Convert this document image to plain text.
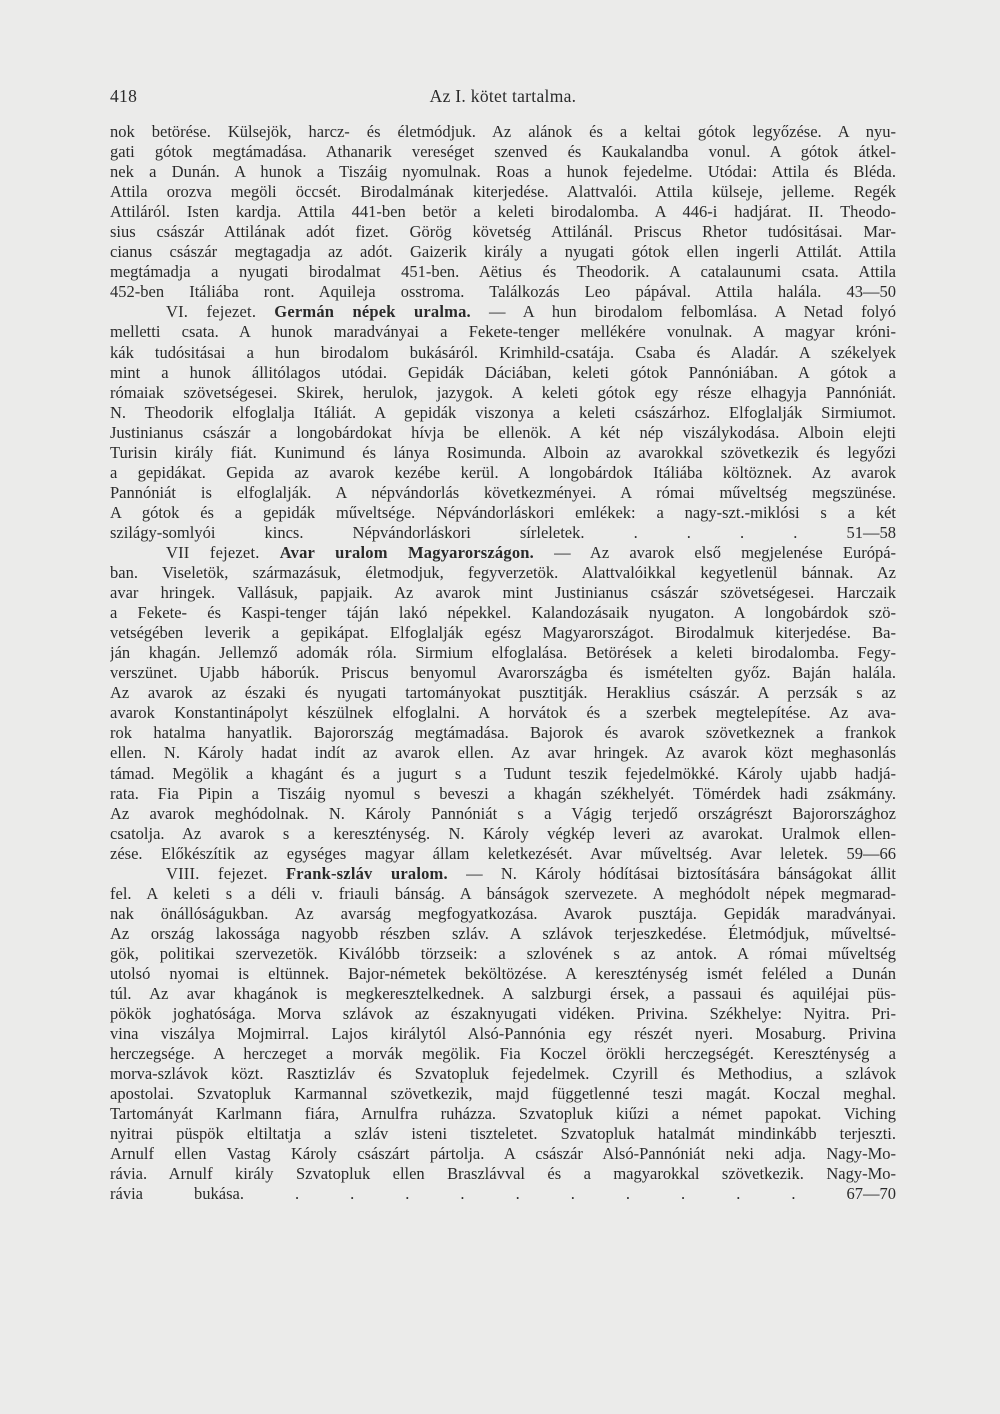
418	Az I. kötet tartalma.
nok betörése. Külsejök, harcz- és életmódjuk. Az alánok és a keltai gótok legyőzése. A nyu-
gati gótok megtámadása. Athanarik vereséget szenved és Kaukalandba vonul. A gótok átkel-
nek a Dunán. A hunok a Tiszáig nyomulnak. Roas a hunok fejedelme. Utódai: Attila és Bléda.
Attila orozva megöli öccsét. Birodalmának kiterjedése. Alattvalói. Attila külseje, jelleme. Regék
Attiláról. Isten kardja. Attila 441-ben betör a keleti birodalomba. A 446-i hadjárat. II. Theodo-
sius császár Attilának adót fizet. Görög követség Attilánál. Priscus Rhetor tudósitásai. Mar-
cianus császár megtagadja az adót. Gaizerik király a nyugati gótok ellen ingerli Attilát. Attila
megtámadja a nyugati birodalmat 451-ben. Aëtius és Theodorik. A catalaunumi csata. Attila
452-ben Itáliába ront. Aquileja osstroma. Találkozás Leo pápával. Attila halála. 43—50
VI. fejezet. Germán népek uralma. — A hun birodalom felbomlása. A Netad folyó
melletti csata. A hunok maradványai a Fekete-tenger mellékére vonulnak. A magyar króni-
kák tudósitásai a hun birodalom bukásáról. Krimhild-csatája. Csaba és Aladár. A székelyek
mint a hunok állitólagos utódai. Gepidák Dáciában, keleti gótok Pannóniában. A gótok a
rómaiak szövetségesei. Skirek, herulok, jazygok. A keleti gótok egy része elhagyja Pannóniát.
N. Theodorik elfoglalja Itáliát. A gepidák viszonya a keleti császárhoz. Elfoglalják Sirmiumot.
Justinianus császár a longobárdokat hívja be ellenök. A két nép viszálykodása. Alboin elejti
Turisin király fiát. Kunimund és lánya Rosimunda. Alboin az avarokkal szövetkezik és legyőzi
a gepidákat. Gepida az avarok kezébe kerül. A longobárdok Itáliába költöznek. Az avarok
Pannóniát is elfoglalják. A népvándorlás következményei. A római műveltség megszünése.
A gótok és a gepidák műveltsége. Népvándorláskori emlékek: a nagy-szt.-miklósi s a két
szilágy-somlyói kincs. Népvándorláskori sírleletek. . . . . 51—58
VII fejezet. Avar uralom Magyarországon. — Az avarok első megjelenése Európá-
ban. Viseletök, származásuk, életmodjuk, fegyverzetök. Alattvalóikkal kegyetlenül bánnak. Az
avar hringek. Vallásuk, papjaik. Az avarok mint Justinianus császár szövetségesei. Harczaik
a Fekete- és Kaspi-tenger táján lakó népekkel. Kalandozásaik nyugaton. A longobárdok szö-
vetségében leverik a gepikápat. Elfoglalják egész Magyarországot. Birodalmuk kiterjedése. Ba-
ján khagán. Jellemző adomák róla. Sirmium elfoglalása. Betörések a keleti birodalomba. Fegy-
verszünet. Ujabb háborúk. Priscus benyomul Avarországba és ismételten győz. Baján halála.
Az avarok az északi és nyugati tartományokat pusztitják. Heraklius császár. A perzsák s az
avarok Konstantinápolyt készülnek elfoglalni. A horvátok és a szerbek megtelepítése. Az ava-
rok hatalma hanyatlik. Bajorország megtámadása. Bajorok és avarok szövetkeznek a frankok
ellen. N. Károly hadat indít az avarok ellen. Az avar hringek. Az avarok közt meghasonlás
támad. Megölik a khagánt és a jugurt s a Tudunt teszik fejedelmökké. Károly ujabb hadjá-
rata. Fia Pipin a Tiszáig nyomul s beveszi a khagán székhelyét. Tömérdek hadi zsákmány.
Az avarok meghódolnak. N. Károly Pannóniát s a Vágig terjedő országrészt Bajorországhoz
csatolja. Az avarok s a kereszténység. N. Károly végkép leveri az avarokat. Uralmok ellen-
zése. Előkészítik az egységes magyar állam keletkezését. Avar műveltség. Avar leletek. 59—66
VIII. fejezet. Frank-szláv uralom. — N. Károly hódításai biztosítására bánságokat állit
fel. A keleti s a déli v. friauli bánság. A bánságok szervezete. A meghódolt népek megmarad-
nak önállóságukban. Az avarság megfogyatkozása. Avarok pusztája. Gepidák maradványai.
Az ország lakossága nagyobb részben szláv. A szlávok terjeszkedése. Életmódjuk, műveltsé-
gök, politikai szervezetök. Kiválóbb törzseik: a szlovének s az antok. A római műveltség
utolsó nyomai is eltünnek. Bajor-németek beköltözése. A kereszténység ismét feléled a Dunán
túl. Az avar khagánok is megkeresztelkednek. A salzburgi érsek, a passaui és aquiléjai püs-
pökök joghatósága. Morva szlávok az északnyugati vidéken. Privina. Székhelye: Nyitra. Pri-
vina viszálya Mojmirral. Lajos királytól Alsó-Pannónia egy részét nyeri. Mosaburg. Privina
herczegsége. A herczeget a morvák megölik. Fia Koczel örökli herczegségét. Kereszténység a
morva-szlávok közt. Rasztizláv és Szvatopluk fejedelmek. Czyrill és Methodius, a szlávok
apostolai. Szvatopluk Karmannal szövetkezik, majd függetlenné teszi magát. Koczal meghal.
Tartományát Karlmann fiára, Arnulfra ruházza. Szvatopluk kiűzi a német papokat. Viching
nyitrai püspök eltiltatja a szláv isteni tiszteletet. Szvatopluk hatalmát mindinkább terjeszti.
Arnulf ellen Vastag Károly császárt pártolja. A császár Alsó-Pannóniát neki adja. Nagy-Mo-
rávia. Arnulf király Szvatopluk ellen Braszlávval és a magyarokkal szövetkezik. Nagy-Mo-
rávia bukása. . . . . . . . . . . 67—70
